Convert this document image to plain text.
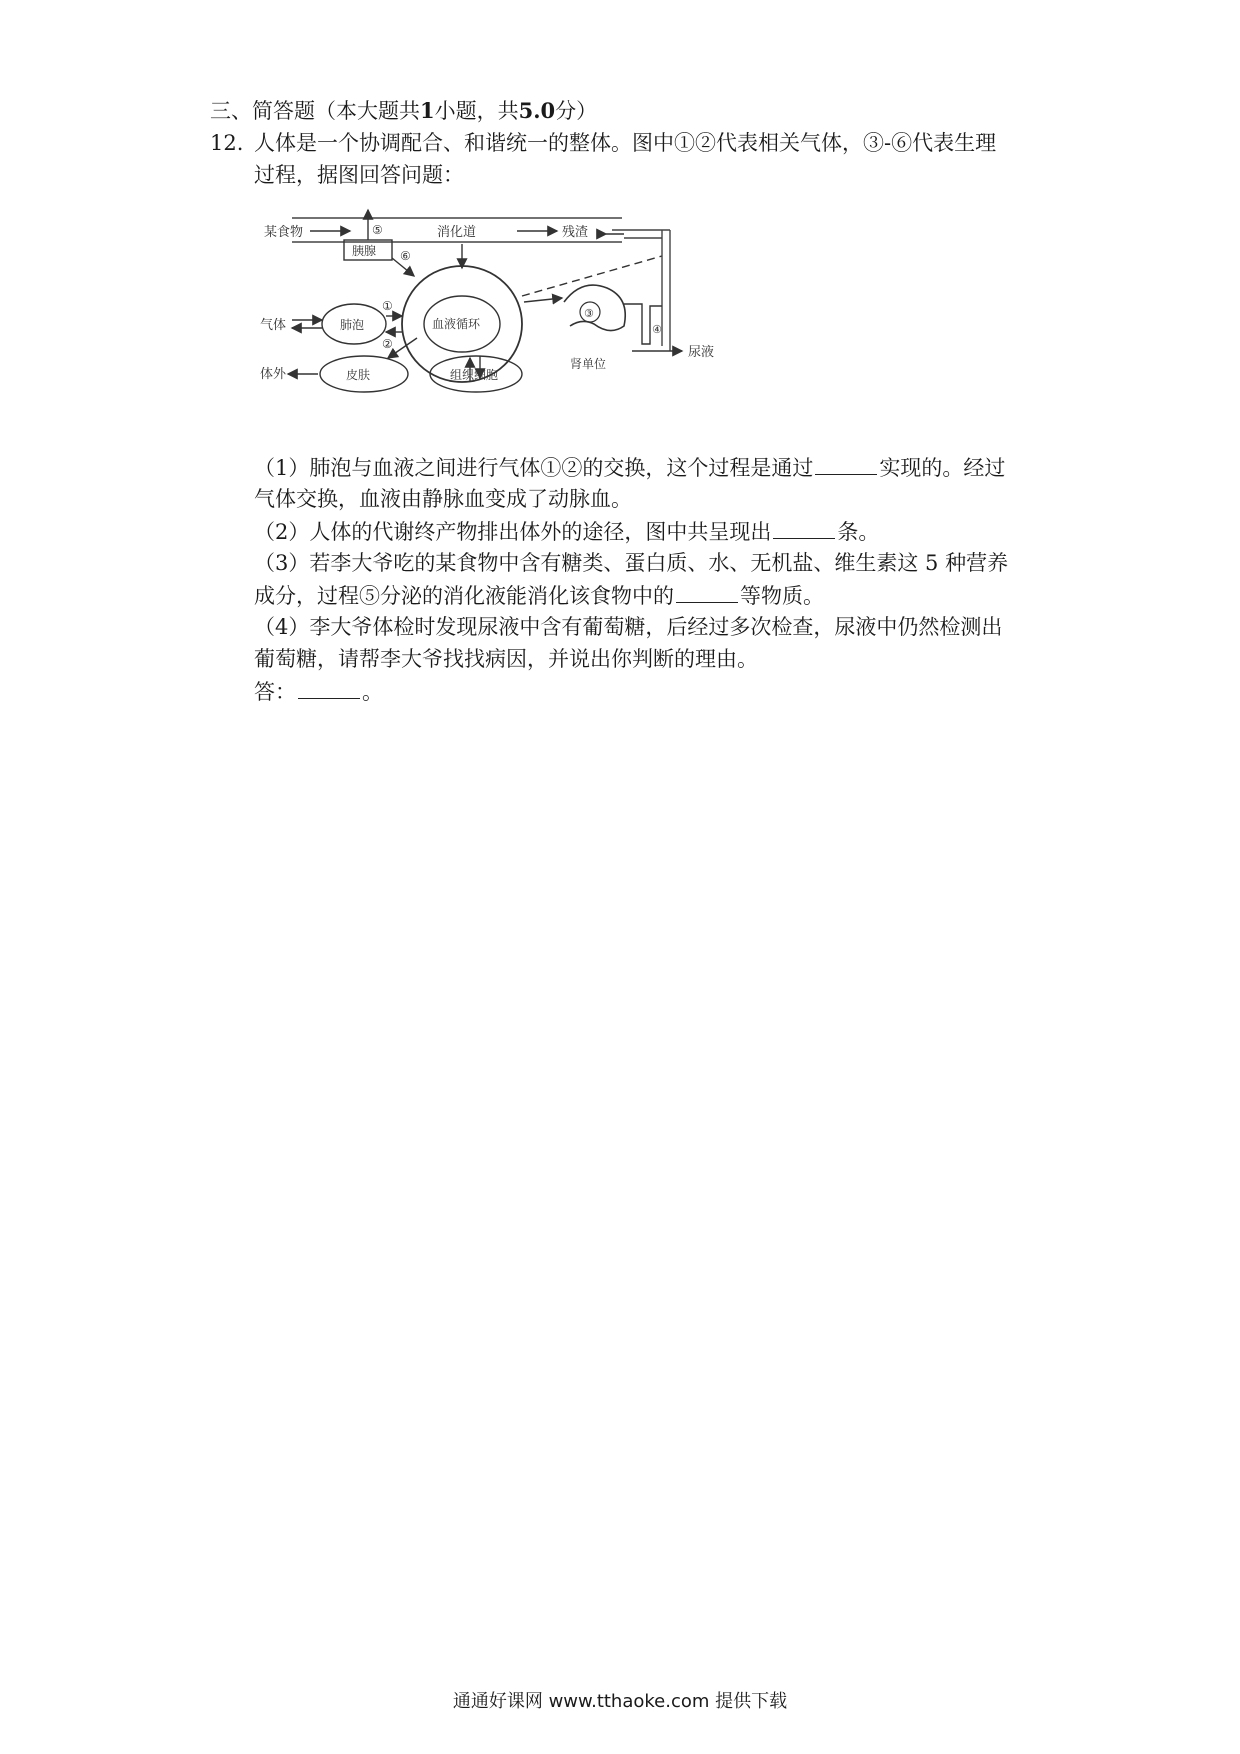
三、简答题（本大题共1小题，共5.0分）
12. 人体是一个协调配合、和谐统一的整体。图中①②代表相关气体，③-⑥代表生理
过程，据图回答问题：
某食物	消化道	残渣
胰腺
⑤
⑥
血液循环
肺泡
气体
①
②
③
④
尿液
肾单位
皮肤	组织细胞
体外
（1）肺泡与血液之间进行气体①②的交换，这个过程是通过	实现的。经过
气体交换，血液由静脉血变成了动脉血。
（2）人体的代谢终产物排出体外的途径，图中共呈现出	条。
（3）若李大爷吃的某食物中含有糖类、蛋白质、水、无机盐、维生素这 5 种营养
成分，过程⑤分泌的消化液能消化该食物中的	等物质。
（4）李大爷体检时发现尿液中含有葡萄糖，后经过多次检查，尿液中仍然检测出
葡萄糖，请帮李大爷找找病因，并说出你判断的理由。
答：	。
通通好课网 www.tthaoke.com 提供下载
